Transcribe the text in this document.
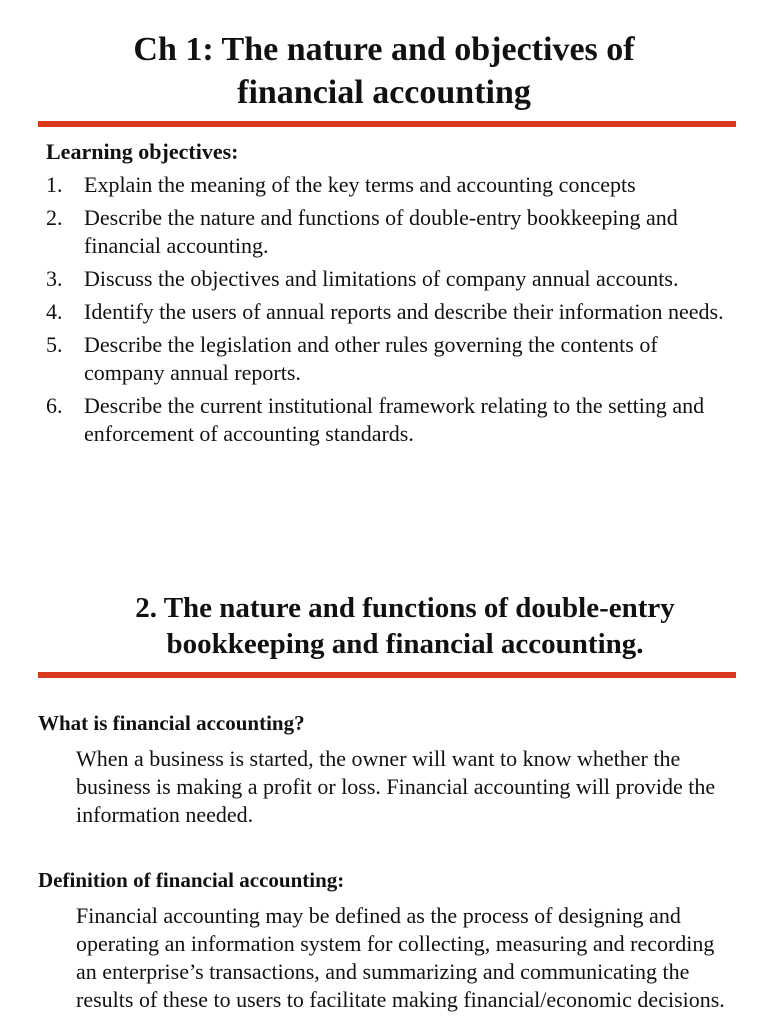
Ch 1: The nature and objectives of
financial accounting
Learning objectives:
1. Explain the meaning of the key terms and accounting concepts
2. Describe the nature and functions of double-entry bookkeeping and financial accounting.
3. Discuss the objectives and limitations of company annual accounts.
4. Identify the users of annual reports and describe their information needs.
5. Describe the legislation and other rules governing the contents of company annual reports.
6. Describe the current institutional framework relating to the setting and enforcement of accounting standards.
2. The nature and functions of double-entry
bookkeeping and financial accounting.
What is financial accounting?

When a business is started, the owner will want to know whether the business is making a profit or loss. Financial accounting will provide the information needed.

Definition of financial accounting:

Financial accounting may be defined as the process of designing and operating an information system for collecting, measuring and recording an enterprise’s transactions, and summarizing and communicating the results of these to users to facilitate making financial/economic decisions.
